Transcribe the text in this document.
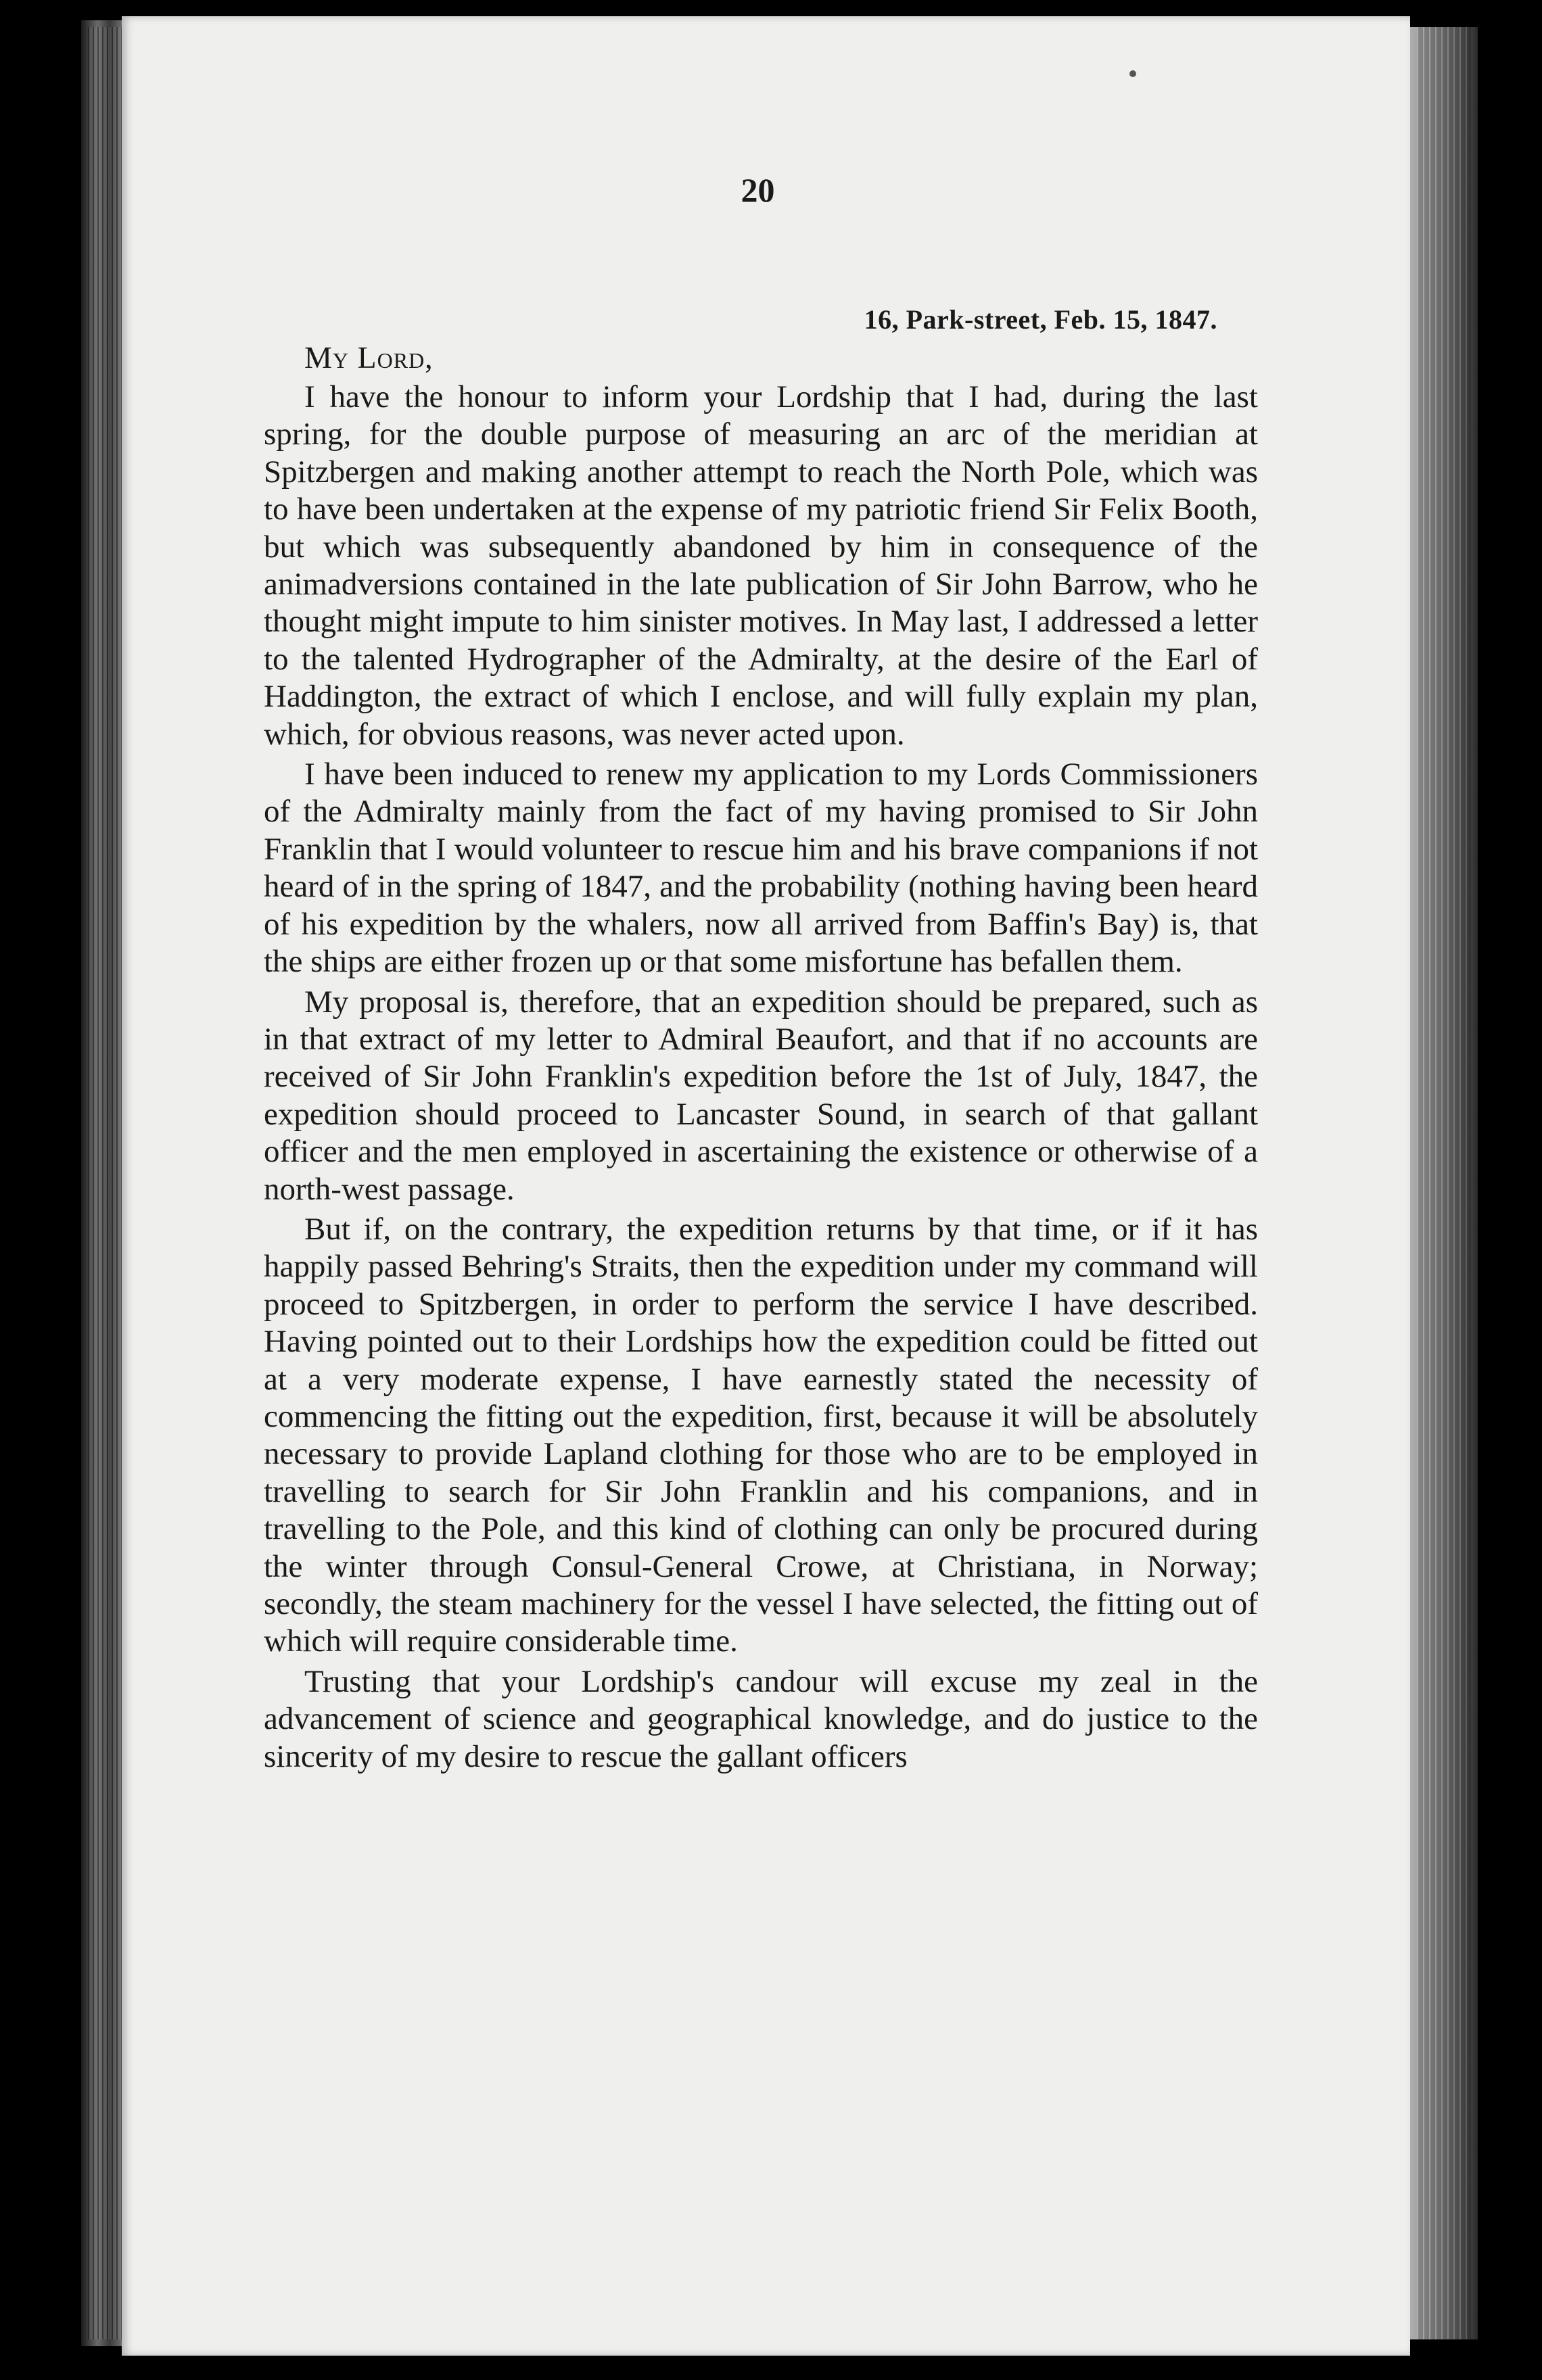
20
16, Park-street, Feb. 15, 1847.
My Lord,

I have the honour to inform your Lordship that I had, during the last spring, for the double purpose of measuring an arc of the meridian at Spitzbergen and making another attempt to reach the North Pole, which was to have been undertaken at the expense of my patriotic friend Sir Felix Booth, but which was subsequently abandoned by him in consequence of the animadversions contained in the late publication of Sir John Barrow, who he thought might impute to him sinister motives. In May last, I addressed a letter to the talented Hydrographer of the Admiralty, at the desire of the Earl of Haddington, the extract of which I enclose, and will fully explain my plan, which, for obvious reasons, was never acted upon.

I have been induced to renew my application to my Lords Commissioners of the Admiralty mainly from the fact of my having promised to Sir John Franklin that I would volunteer to rescue him and his brave companions if not heard of in the spring of 1847, and the probability (nothing having been heard of his expedition by the whalers, now all arrived from Baffin's Bay) is, that the ships are either frozen up or that some misfortune has befallen them.

My proposal is, therefore, that an expedition should be prepared, such as in that extract of my letter to Admiral Beaufort, and that if no accounts are received of Sir John Franklin's expedition before the 1st of July, 1847, the expedition should proceed to Lancaster Sound, in search of that gallant officer and the men employed in ascertaining the existence or otherwise of a north-west passage.

But if, on the contrary, the expedition returns by that time, or if it has happily passed Behring's Straits, then the expedition under my command will proceed to Spitzbergen, in order to perform the service I have described. Having pointed out to their Lordships how the expedition could be fitted out at a very moderate expense, I have earnestly stated the necessity of commencing the fitting out the expedition, first, because it will be absolutely necessary to provide Lapland clothing for those who are to be employed in travelling to search for Sir John Franklin and his companions, and in travelling to the Pole, and this kind of clothing can only be procured during the winter through Consul-General Crowe, at Christiana, in Norway; secondly, the steam machinery for the vessel I have selected, the fitting out of which will require considerable time.

Trusting that your Lordship's candour will excuse my zeal in the advancement of science and geographical knowledge, and do justice to the sincerity of my desire to rescue the gallant officers
